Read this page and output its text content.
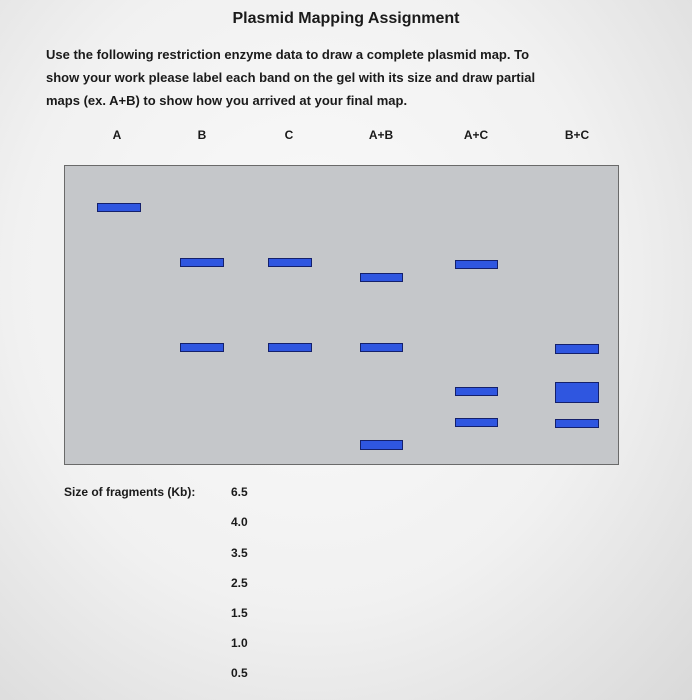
Plasmid Mapping Assignment
Use the following restriction enzyme data to draw a complete plasmid map. To
show your work please label each band on the gel with its size and draw partial
maps (ex. A+B) to show how you arrived at your final map.
A	B	C	A+B	A+C	B+C
Size of fragments (Kb):	6.5
4.0
3.5
2.5
1.5
1.0
0.5
